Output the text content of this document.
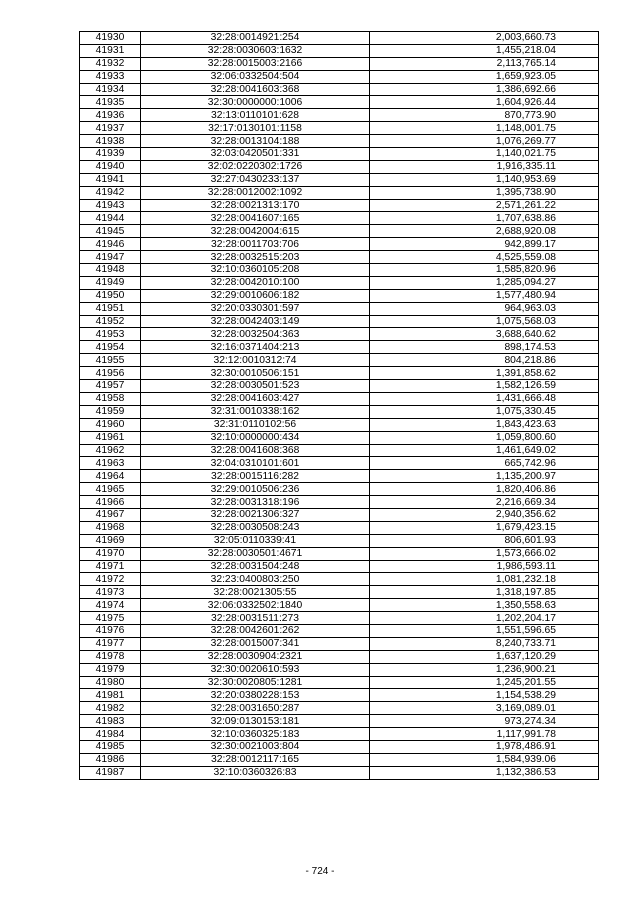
41930	32:28:0014921:254	2,003,660.73
41931	32:28:0030603:1632	1,455,218.04
41932	32:28:0015003:2166	2,113,765.14
41933	32:06:0332504:504	1,659,923.05
41934	32:28:0041603:368	1,386,692.66
41935	32:30:0000000:1006	1,604,926.44
41936	32:13:0110101:628	870,773.90
41937	32:17:0130101:1158	1,148,001.75
41938	32:28:0013104:188	1,076,269.77
41939	32:03:0420501:331	1,140,021.75
41940	32:02:0220302:1726	1,916,335.11
41941	32:27:0430233:137	1,140,953.69
41942	32:28:0012002:1092	1,395,738.90
41943	32:28:0021313:170	2,571,261.22
41944	32:28:0041607:165	1,707,638.86
41945	32:28:0042004:615	2,688,920.08
41946	32:28:0011703:706	942,899.17
41947	32:28:0032515:203	4,525,559.08
41948	32:10:0360105:208	1,585,820.96
41949	32:28:0042010:100	1,285,094.27
41950	32:29:0010606:182	1,577,480.94
41951	32:20:0330301:597	964,963.03
41952	32:28:0042403:149	1,075,568.03
41953	32:28:0032504:363	3,688,640.62
41954	32:16:0371404:213	898,174.53
41955	32:12:0010312:74	804,218.86
41956	32:30:0010506:151	1,391,858.62
41957	32:28:0030501:523	1,582,126.59
41958	32:28:0041603:427	1,431,666.48
41959	32:31:0010338:162	1,075,330.45
41960	32:31:0110102:56	1,843,423.63
41961	32:10:0000000:434	1,059,800.60
41962	32:28:0041608:368	1,461,649.02
41963	32:04:0310101:601	665,742.96
41964	32:28:0015116:282	1,135,200.97
41965	32:29:0010506:236	1,820,406.86
41966	32:28:0031318:196	2,216,669.34
41967	32:28:0021306:327	2,940,356.62
41968	32:28:0030508:243	1,679,423.15
41969	32:05:0110339:41	806,601.93
41970	32:28:0030501:4671	1,573,666.02
41971	32:28:0031504:248	1,986,593.11
41972	32:23:0400803:250	1,081,232.18
41973	32:28:0021305:55	1,318,197.85
41974	32:06:0332502:1840	1,350,558.63
41975	32:28:0031511:273	1,202,204.17
41976	32:28:0042601:262	1,551,596.65
41977	32:28:0015007:341	8,240,733.71
41978	32:28:0030904:2321	1,637,120.29
41979	32:30:0020610:593	1,236,900.21
41980	32:30:0020805:1281	1,245,201.55
41981	32:20:0380228:153	1,154,538.29
41982	32:28:0031650:287	3,169,089.01
41983	32:09:0130153:181	973,274.34
41984	32:10:0360325:183	1,117,991.78
41985	32:30:0021003:804	1,978,486.91
41986	32:28:0012117:165	1,584,939.06
41987	32:10:0360326:83	1,132,386.53
- 724 -
